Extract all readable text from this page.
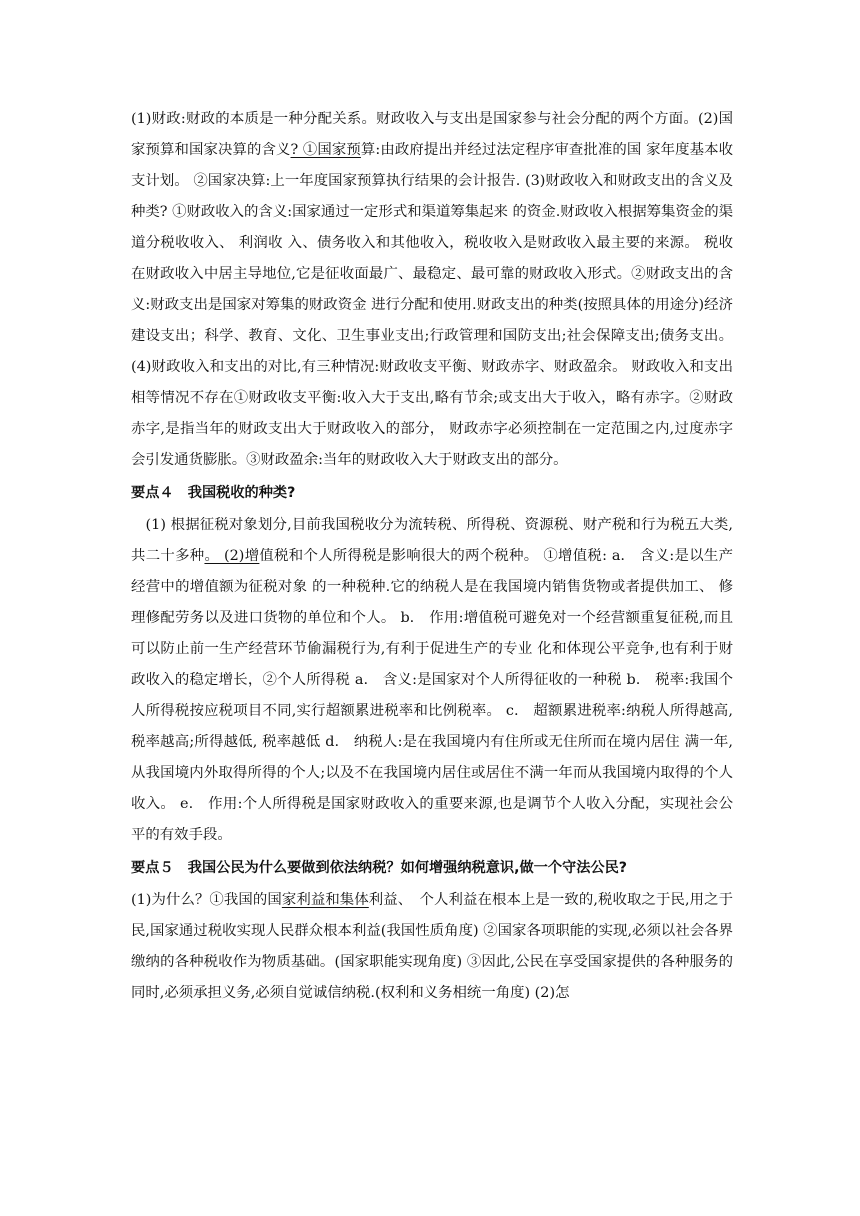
(1)财政:财政的本质是一种分配关系。财政收入与支出是国家参与社会分配的两个方面。(2)国家预算和国家决算的含义? ①国家预算:由政府提出并经过法定程序审查批准的国 家年度基本收支计划。 ②国家决算:上一年度国家预算执行结果的会计报告. (3)财政收入和财政支出的含义及种类? ①财政收入的含义:国家通过一定形式和渠道筹集起来 的资金.财政收入根据筹集资金的渠道分税收收入、 利润收 入、债务收入和其他收入，税收收入是财政收入最主要的来源。 税收在财政收入中居主导地位,它是征收面最广、最稳定、最可靠的财政收入形式。②财政支出的含义:财政支出是国家对筹集的财政资金 进行分配和使用.财政支出的种类(按照具体的用途分)经济建设支出；科学、教育、文化、卫生事业支出;行政管理和国防支出;社会保障支出;债务支出。 (4)财政收入和支出的对比,有三种情况:财政收支平衡、财政赤字、财政盈余。 财政收入和支出相等情况不存在①财政收支平衡:收入大于支出,略有节余;或支出大于收入，略有赤字。②财政赤字,是指当年的财政支出大于财政收入的部分， 财政赤字必须控制在一定范围之内,过度赤字会引发通货膨胀。③财政盈余:当年的财政收入大于财政支出的部分。

要点４　我国税收的种类?

　(1) 根据征税对象划分,目前我国税收分为流转税、所得税、资源税、财产税和行为税五大类,共二十多种。 (2)增值税和个人所得税是影响很大的两个税种。 ①增值税: a.　含义:是以生产经营中的增值额为征税对象 的一种税种.它的纳税人是在我国境内销售货物或者提供加工、 修理修配劳务以及进口货物的单位和个人。 b.　作用:增值税可避免对一个经营额重复征税,而且可以防止前一生产经营环节偷漏税行为,有利于促进生产的专业 化和体现公平竞争,也有利于财政收入的稳定增长，②个人所得税 a.　含义:是国家对个人所得征收的一种税 b.　税率:我国个人所得税按应税项目不同,实行超额累进税率和比例税率。 c.　超额累进税率:纳税人所得越高,税率越高;所得越低, 税率越低 d.　纳税人:是在我国境内有住所或无住所而在境内居住 满一年,从我国境内外取得所得的个人;以及不在我国境内居住或居住不满一年而从我国境内取得的个人收入。 e.　作用:个人所得税是国家财政收入的重要来源,也是调节个人收入分配，实现社会公平的有效手段。

要点５　我国公民为什么要做到依法纳税？如何增强纳税意识,做一个守法公民?

(1)为什么？①我国的国家利益和集体利益、　个人利益在根本上是一致的,税收取之于民,用之于民,国家通过税收实现人民群众根本利益(我国性质角度) ②国家各项职能的实现,必须以社会各界缴纳的各种税收作为物质基础。(国家职能实现角度) ③因此,公民在享受国家提供的各种服务的同时,必须承担义务,必须自觉诚信纳税.(权利和义务相统一角度) (2)怎
